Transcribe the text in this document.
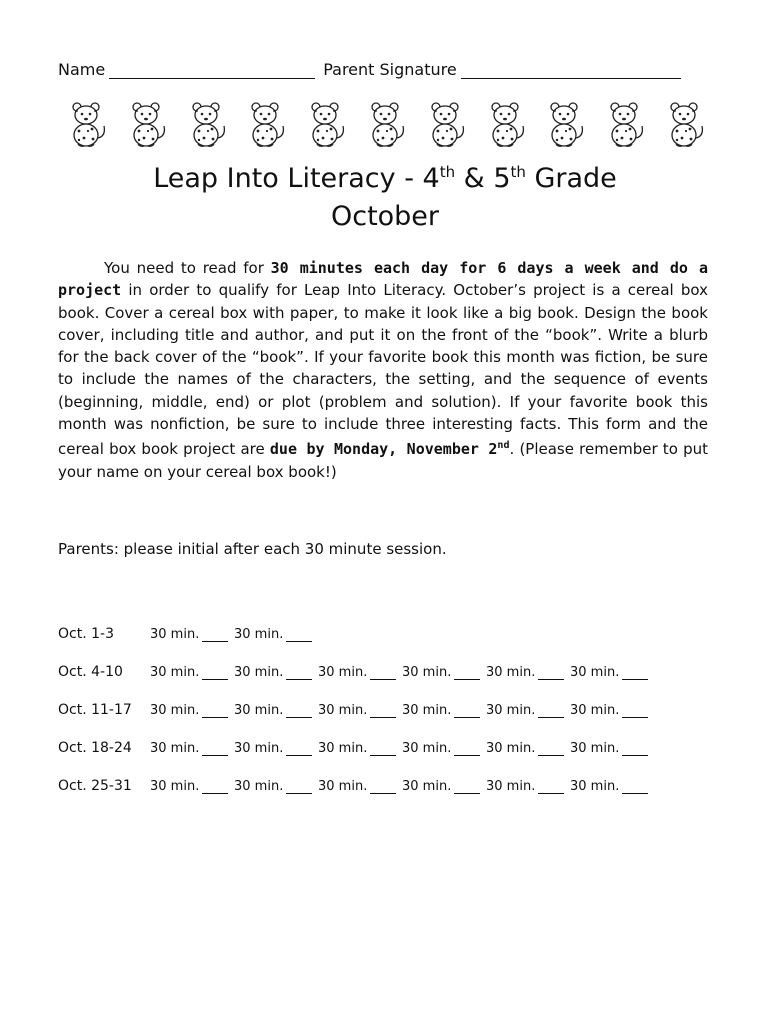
Name	Parent Signature
Leap Into Literacy - 4th & 5th Grade
October
You need to read for 30 minutes each day for 6 days a week and do a project in order to qualify for Leap Into Literacy. October’s project is a cereal box book. Cover a cereal box with paper, to make it look like a big book. Design the book cover, including title and author, and put it on the front of the “book”. Write a blurb for the back cover of the “book”. If your favorite book this month was fiction, be sure to include the names of the characters, the setting, and the sequence of events (beginning, middle, end) or plot (problem and solution). If your favorite book this month was nonfiction, be sure to include three interesting facts. This form and the cereal box book project are due by Monday, November 2nd. (Please remember to put your name on your cereal box book!)
Parents: please initial after each 30 minute session.
Oct. 1-3	30 min.	30 min.
Oct. 4-10	30 min.	30 min.	30 min.	30 min.	30 min.	30 min.
Oct. 11-17	30 min.	30 min.	30 min.	30 min.	30 min.	30 min.
Oct. 18-24	30 min.	30 min.	30 min.	30 min.	30 min.	30 min.
Oct. 25-31	30 min.	30 min.	30 min.	30 min.	30 min.	30 min.
